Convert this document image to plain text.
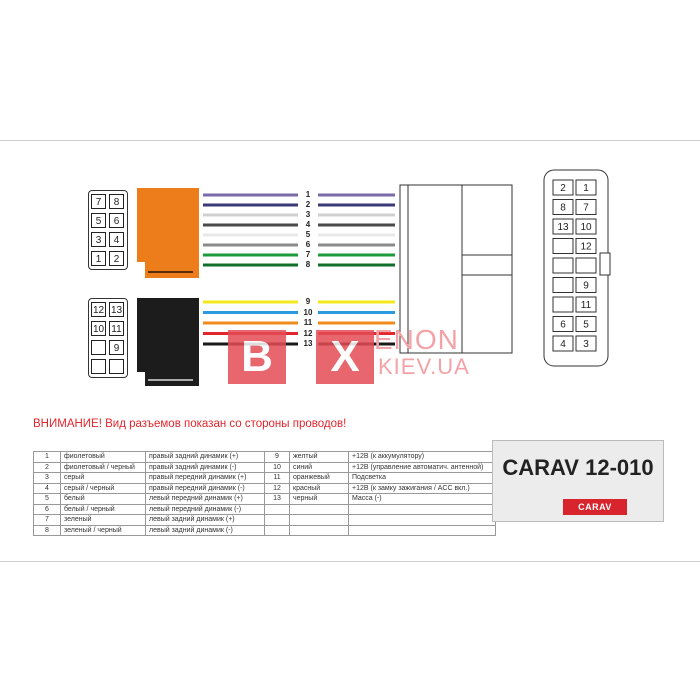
7	8
5	6
3	4
1	2
12 13
10 11
9
2 1
8 7
13 10
12
9
11
6 5
4 3
1
2
3
4
5
6
7
8
9
10
11
12
13
B	X ENON
KIEV.UA
ВНИМАНИЕ! Вид разъемов показан со стороны проводов!
1	фиолетовый	правый задний динамик (+)	9	желтый	+12В (к аккумулятору)
2	фиолетовый / черный	правый задний динамик (-)	10	синий	+12В (управление автоматич. антенной)
3	серый	правый передний динамик (+)	11	оранжевый	Подсветка
4	серый / черный	правый передний динамик (-)	12	красный	+12В (к замку зажигания / ACC вкл.)
5	белый	левый передний динамик (+)	13	черный	Масса (-)
6	белый / черный	левый передний динамик (-)			
7	зеленый	левый задний динамик (+)			
8	зеленый / черный	левый задний динамик (-)			
CARAV 12-010
CARAV
